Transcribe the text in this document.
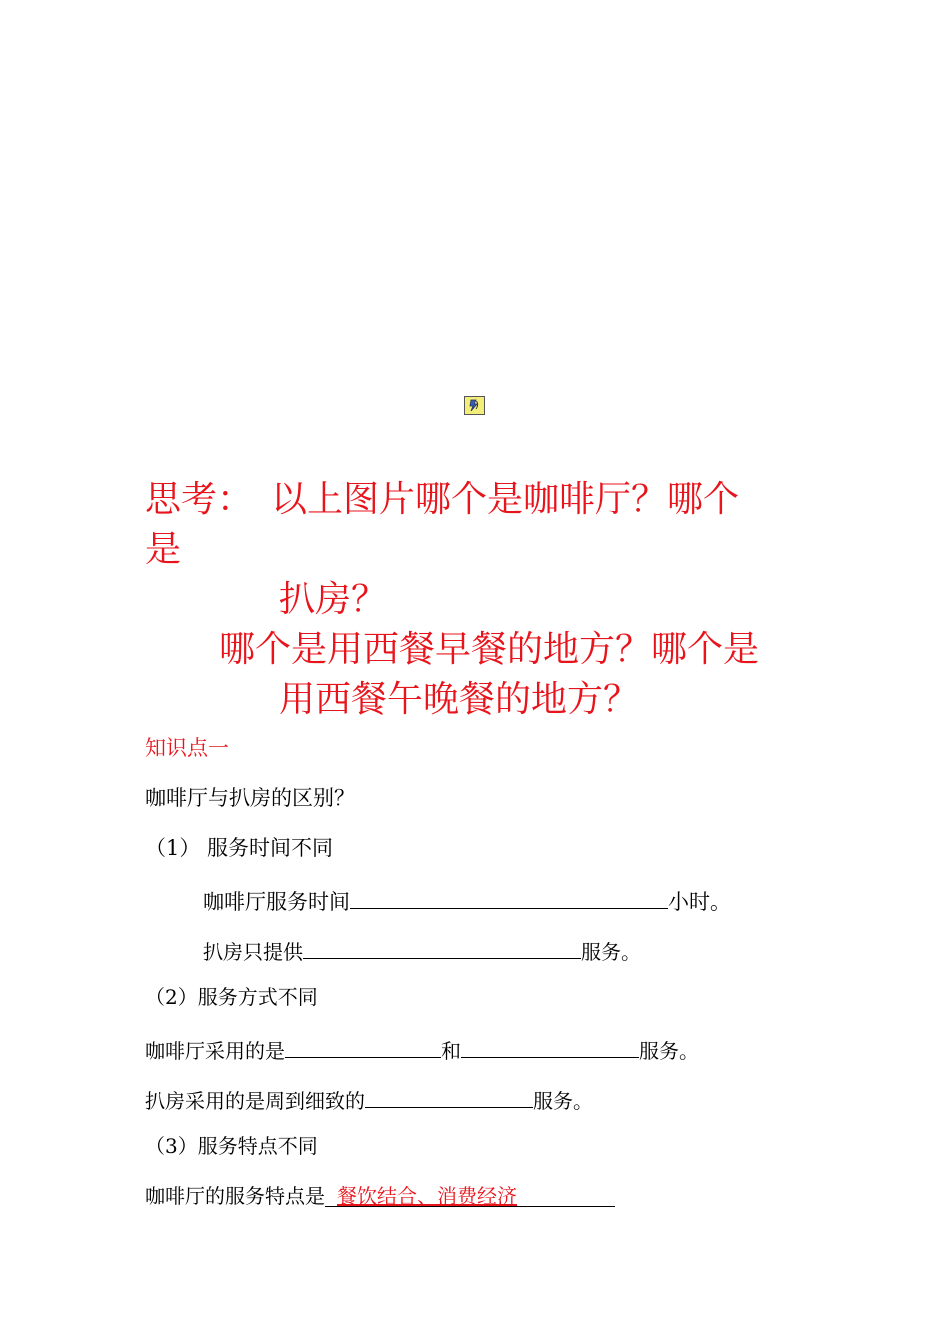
思考：　以上图片哪个是咖啡厅？哪个
是
扒房？
哪个是用西餐早餐的地方？哪个是
用西餐午晚餐的地方？
知识点一
咖啡厅与扒房的区别？
（1） 服务时间不同
咖啡厅服务时间	小时。
扒房只提供	服务。
（2）服务方式不同
咖啡厅采用的是	和	服务。
扒房采用的是周到细致的	服务。
（3）服务特点不同
咖啡厅的服务特点是 餐饮结合、消费经济
